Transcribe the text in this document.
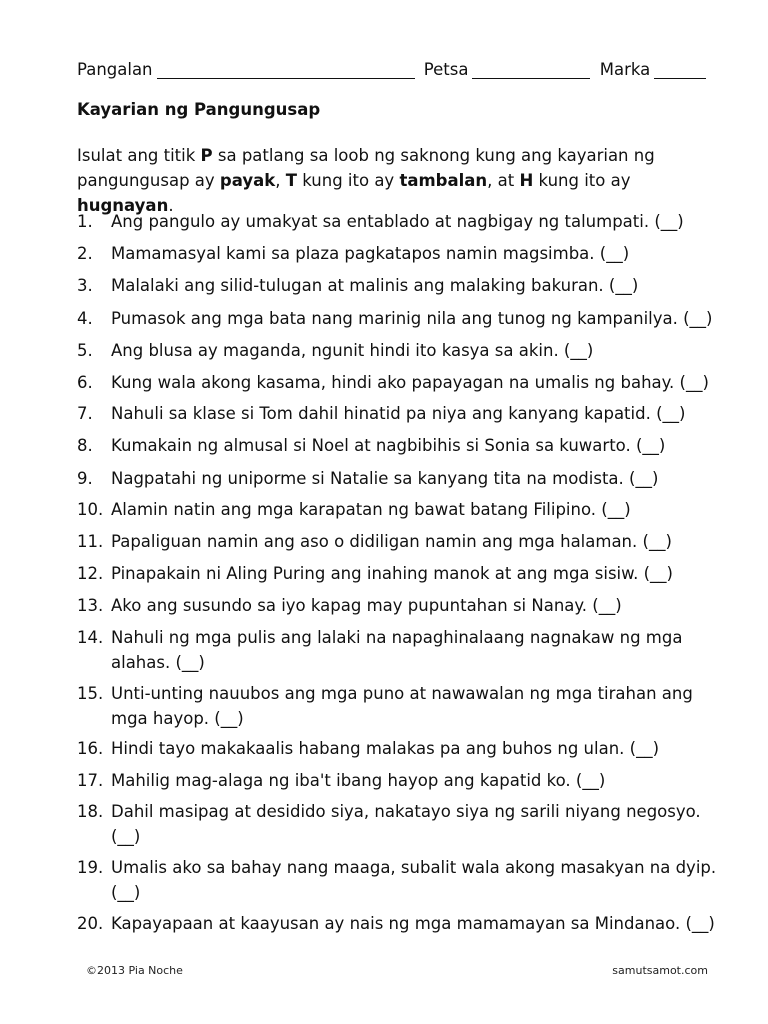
Pangalan	Petsa	Marka
Kayarian ng Pangungusap
Isulat ang titik P sa patlang sa loob ng saknong kung ang kayarian ng pangungusap ay payak, T kung ito ay tambalan, at H kung ito ay hugnayan.
1.	Ang pangulo ay umakyat sa entablado at nagbigay ng talumpati. (__)
2.	Mamamasyal kami sa plaza pagkatapos namin magsimba. (__)
3.	Malalaki ang silid-tulugan at malinis ang malaking bakuran. (__)
4.	Pumasok ang mga bata nang marinig nila ang tunog ng kampanilya. (__)
5.	Ang blusa ay maganda, ngunit hindi ito kasya sa akin. (__)
6.	Kung wala akong kasama, hindi ako papayagan na umalis ng bahay. (__)
7.	Nahuli sa klase si Tom dahil hinatid pa niya ang kanyang kapatid. (__)
8.	Kumakain ng almusal si Noel at nagbibihis si Sonia sa kuwarto. (__)
9.	Nagpatahi ng uniporme si Natalie sa kanyang tita na modista. (__)
10. Alamin natin ang mga karapatan ng bawat batang Filipino. (__)
11. Papaliguan namin ang aso o didiligan namin ang mga halaman. (__)
12. Pinapakain ni Aling Puring ang inahing manok at ang mga sisiw. (__)
13. Ako ang susundo sa iyo kapag may pupuntahan si Nanay. (__)
14. Nahuli ng mga pulis ang lalaki na napaghinalaang nagnakaw ng mga alahas. (__)
15. Unti-unting nauubos ang mga puno at nawawalan ng mga tirahan ang mga hayop. (__)
16. Hindi tayo makakaalis habang malakas pa ang buhos ng ulan. (__)
17. Mahilig mag-alaga ng iba't ibang hayop ang kapatid ko. (__)
18. Dahil masipag at desidido siya, nakatayo siya ng sarili niyang negosyo. (__)
19. Umalis ako sa bahay nang maaga, subalit wala akong masakyan na dyip. (__)
20. Kapayapaan at kaayusan ay nais ng mga mamamayan sa Mindanao. (__)
©2013 Pia Noche	samutsamot.com
